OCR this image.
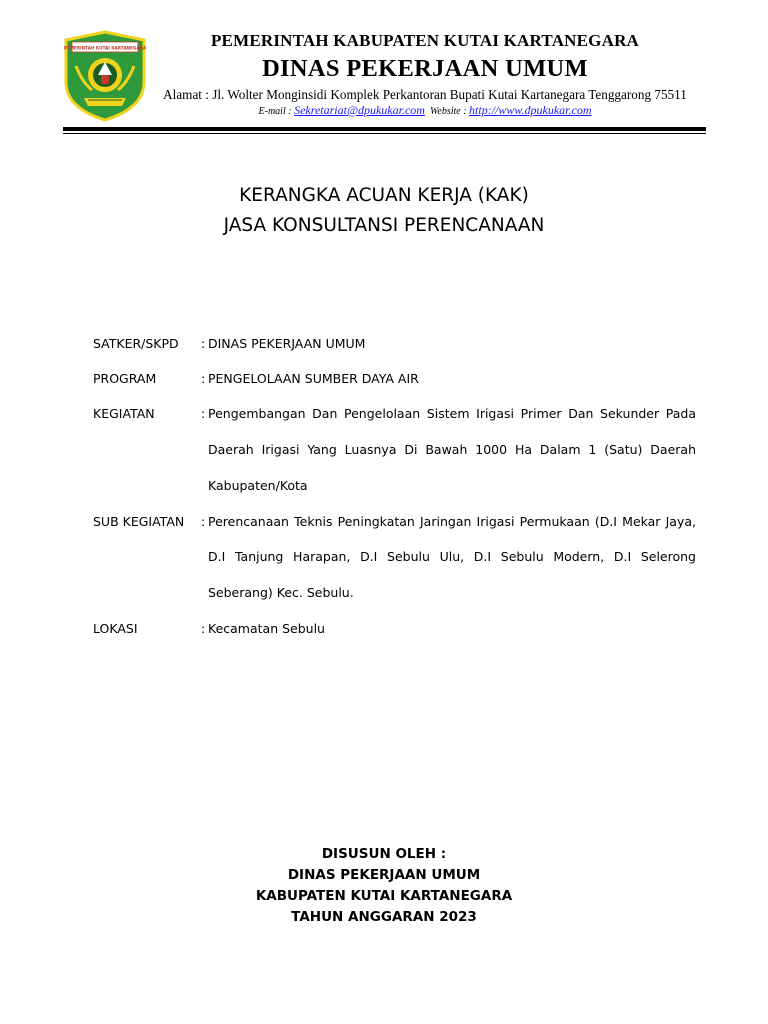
PEMERINTAH KUTAI KARTANEGARA	PEMERINTAH KABUPATEN KUTAI KARTANEGARA
DINAS PEKERJAAN UMUM
Alamat : Jl. Wolter Monginsidi Komplek Perkantoran Bupati Kutai Kartanegara Tenggarong 75511
E-mail : Sekretariat@dpukukar.com Website : http://www.dpukukar.com
KERANGKA ACUAN KERJA (KAK)
JASA KONSULTANSI PERENCANAAN
SATKER/SKPD : DINAS PEKERJAAN UMUM
PROGRAM	: PENGELOLAAN SUMBER DAYA AIR
KEGIATAN	: Pengembangan Dan Pengelolaan Sistem Irigasi Primer Dan Sekunder Pada
Daerah Irigasi Yang Luasnya Di Bawah 1000 Ha Dalam 1 (Satu) Daerah
Kabupaten/Kota
SUB KEGIATAN : Perencanaan Teknis Peningkatan Jaringan Irigasi Permukaan (D.I Mekar Jaya,
D.I Tanjung Harapan, D.I Sebulu Ulu, D.I Sebulu Modern, D.I Selerong
Seberang) Kec. Sebulu.
LOKASI	: Kecamatan Sebulu
DISUSUN OLEH :
DINAS PEKERJAAN UMUM
KABUPATEN KUTAI KARTANEGARA
TAHUN ANGGARAN 2023
